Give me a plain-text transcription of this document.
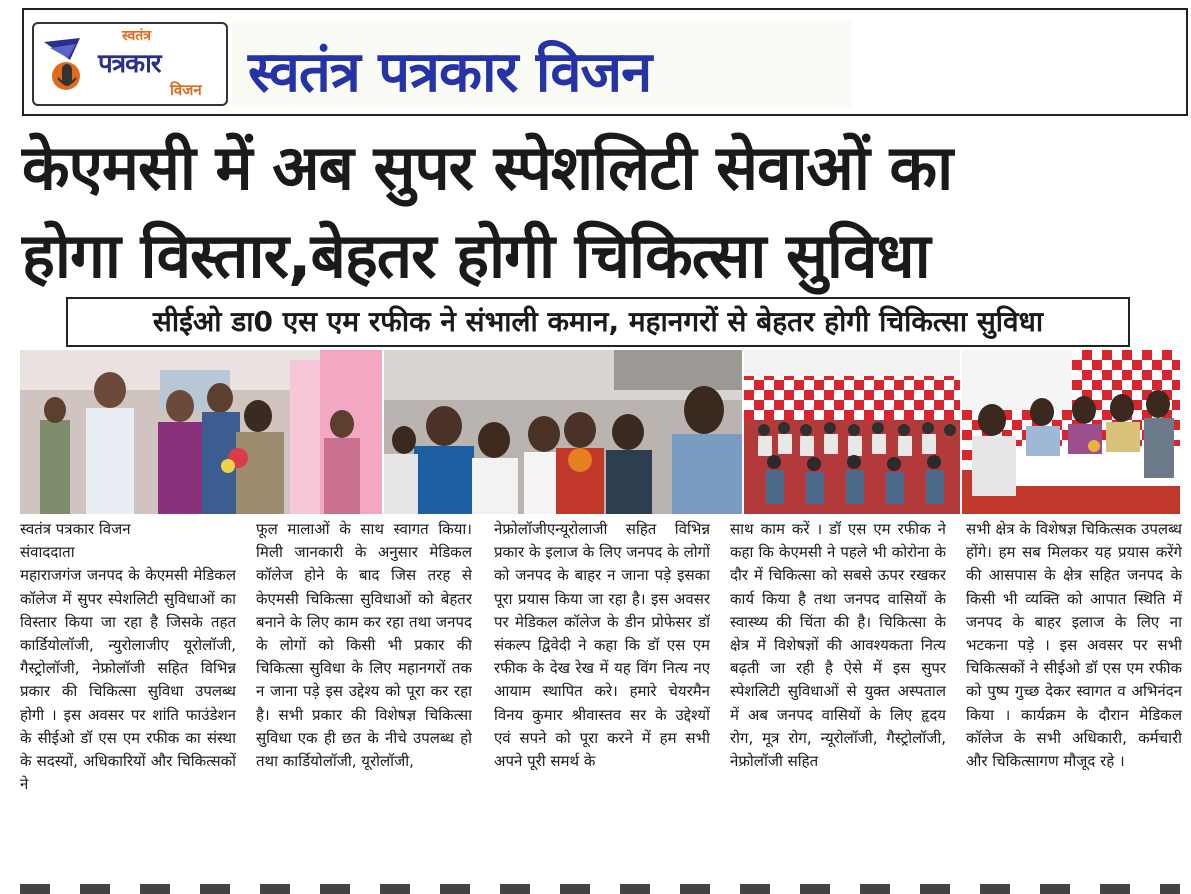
स्वतंत्र
पत्रकार
विजन स्वतंत्र पत्रकार विजन
केएमसी में अब सुपर स्पेशलिटी सेवाओं का
होगा विस्तार,बेहतर होगी चिकित्सा सुविधा
सीईओ डा0 एस एम रफीक ने संभाली कमान, महानगरों से बेहतर होगी चिकित्सा सुविधा
स्वतंत्र पत्रकार विजन
संवाददाता

महाराजगंज जनपद के केएमसी मेडिकल कॉलेज में सुपर स्पेशलिटी सुविधाओं का विस्तार किया जा रहा है जिसके तहत कार्डियोलॉजी, न्युरोलाजीए यूरोलॉजी, गैस्ट्रोलॉजी, नेफ्रोलॉजी सहित विभिन्न प्रकार की चिकित्सा सुविधा उपलब्ध होगी । इस अवसर पर शांति फाउंडेशन के सीईओ डॉ एस एम रफीक का संस्था के सदस्यों, अधिकारियों और चिकित्सकों ने

फूल मालाओं के साथ स्वागत किया। मिली जानकारी के अनुसार मेडिकल कॉलेज होने के बाद जिस तरह से केएमसी चिकित्सा सुविधाओं को बेहतर बनाने के लिए काम कर रहा तथा जनपद के लोगों को किसी भी प्रकार की चिकित्सा सुविधा के लिए महानगरों तक न जाना पड़े इस उद्देश्य को पूरा कर रहा है। सभी प्रकार की विशेषज्ञ चिकित्सा सुविधा एक ही छत के नीचे उपलब्ध हो तथा कार्डियोलॉजी, यूरोलॉजी,

नेफ्रोलॉजीएन्यूरोलाजी सहित विभिन्न प्रकार के इलाज के लिए जनपद के लोगों को जनपद के बाहर न जाना पड़े इसका पूरा प्रयास किया जा रहा है। इस अवसर पर मेडिकल कॉलेज के डीन प्रोफेसर डॉ संकल्प द्विवेदी ने कहा कि डॉ एस एम रफीक के देख रेख में यह विंग नित्य नए आयाम स्थापित करे। हमारे चेयरमैन विनय कुमार श्रीवास्तव सर के उद्देश्यों एवं सपने को पूरा करने में हम सभी अपने पूरी समर्थ के

साथ काम करें । डॉ एस एम रफीक ने कहा कि केएमसी ने पहले भी कोरोना के दौर में चिकित्सा को सबसे ऊपर रखकर कार्य किया है तथा जनपद वासियों के स्वास्थ्य की चिंता की है। चिकित्सा के क्षेत्र में विशेषज्ञों की आवश्यकता नित्य बढ़ती जा रही है ऐसे में इस सुपर स्पेशलिटी सुविधाओं से युक्त अस्पताल में अब जनपद वासियों के लिए हृदय रोग, मूत्र रोग, न्यूरोलॉजी, गैस्ट्रोलॉजी, नेफ्रोलॉजी सहित

सभी क्षेत्र के विशेषज्ञ चिकित्सक उपलब्ध होंगे। हम सब मिलकर यह प्रयास करेंगे की आसपास के क्षेत्र सहित जनपद के किसी भी व्यक्ति को आपात स्थिति में जनपद के बाहर इलाज के लिए ना भटकना पड़े । इस अवसर पर सभी चिकित्सकों ने सीईओ डॉ एस एम रफीक को पुष्प गुच्छ देकर स्वागत व अभिनंदन किया । कार्यक्रम के दौरान मेडिकल कॉलेज के सभी अधिकारी, कर्मचारी और चिकित्सागण मौजूद रहे ।
